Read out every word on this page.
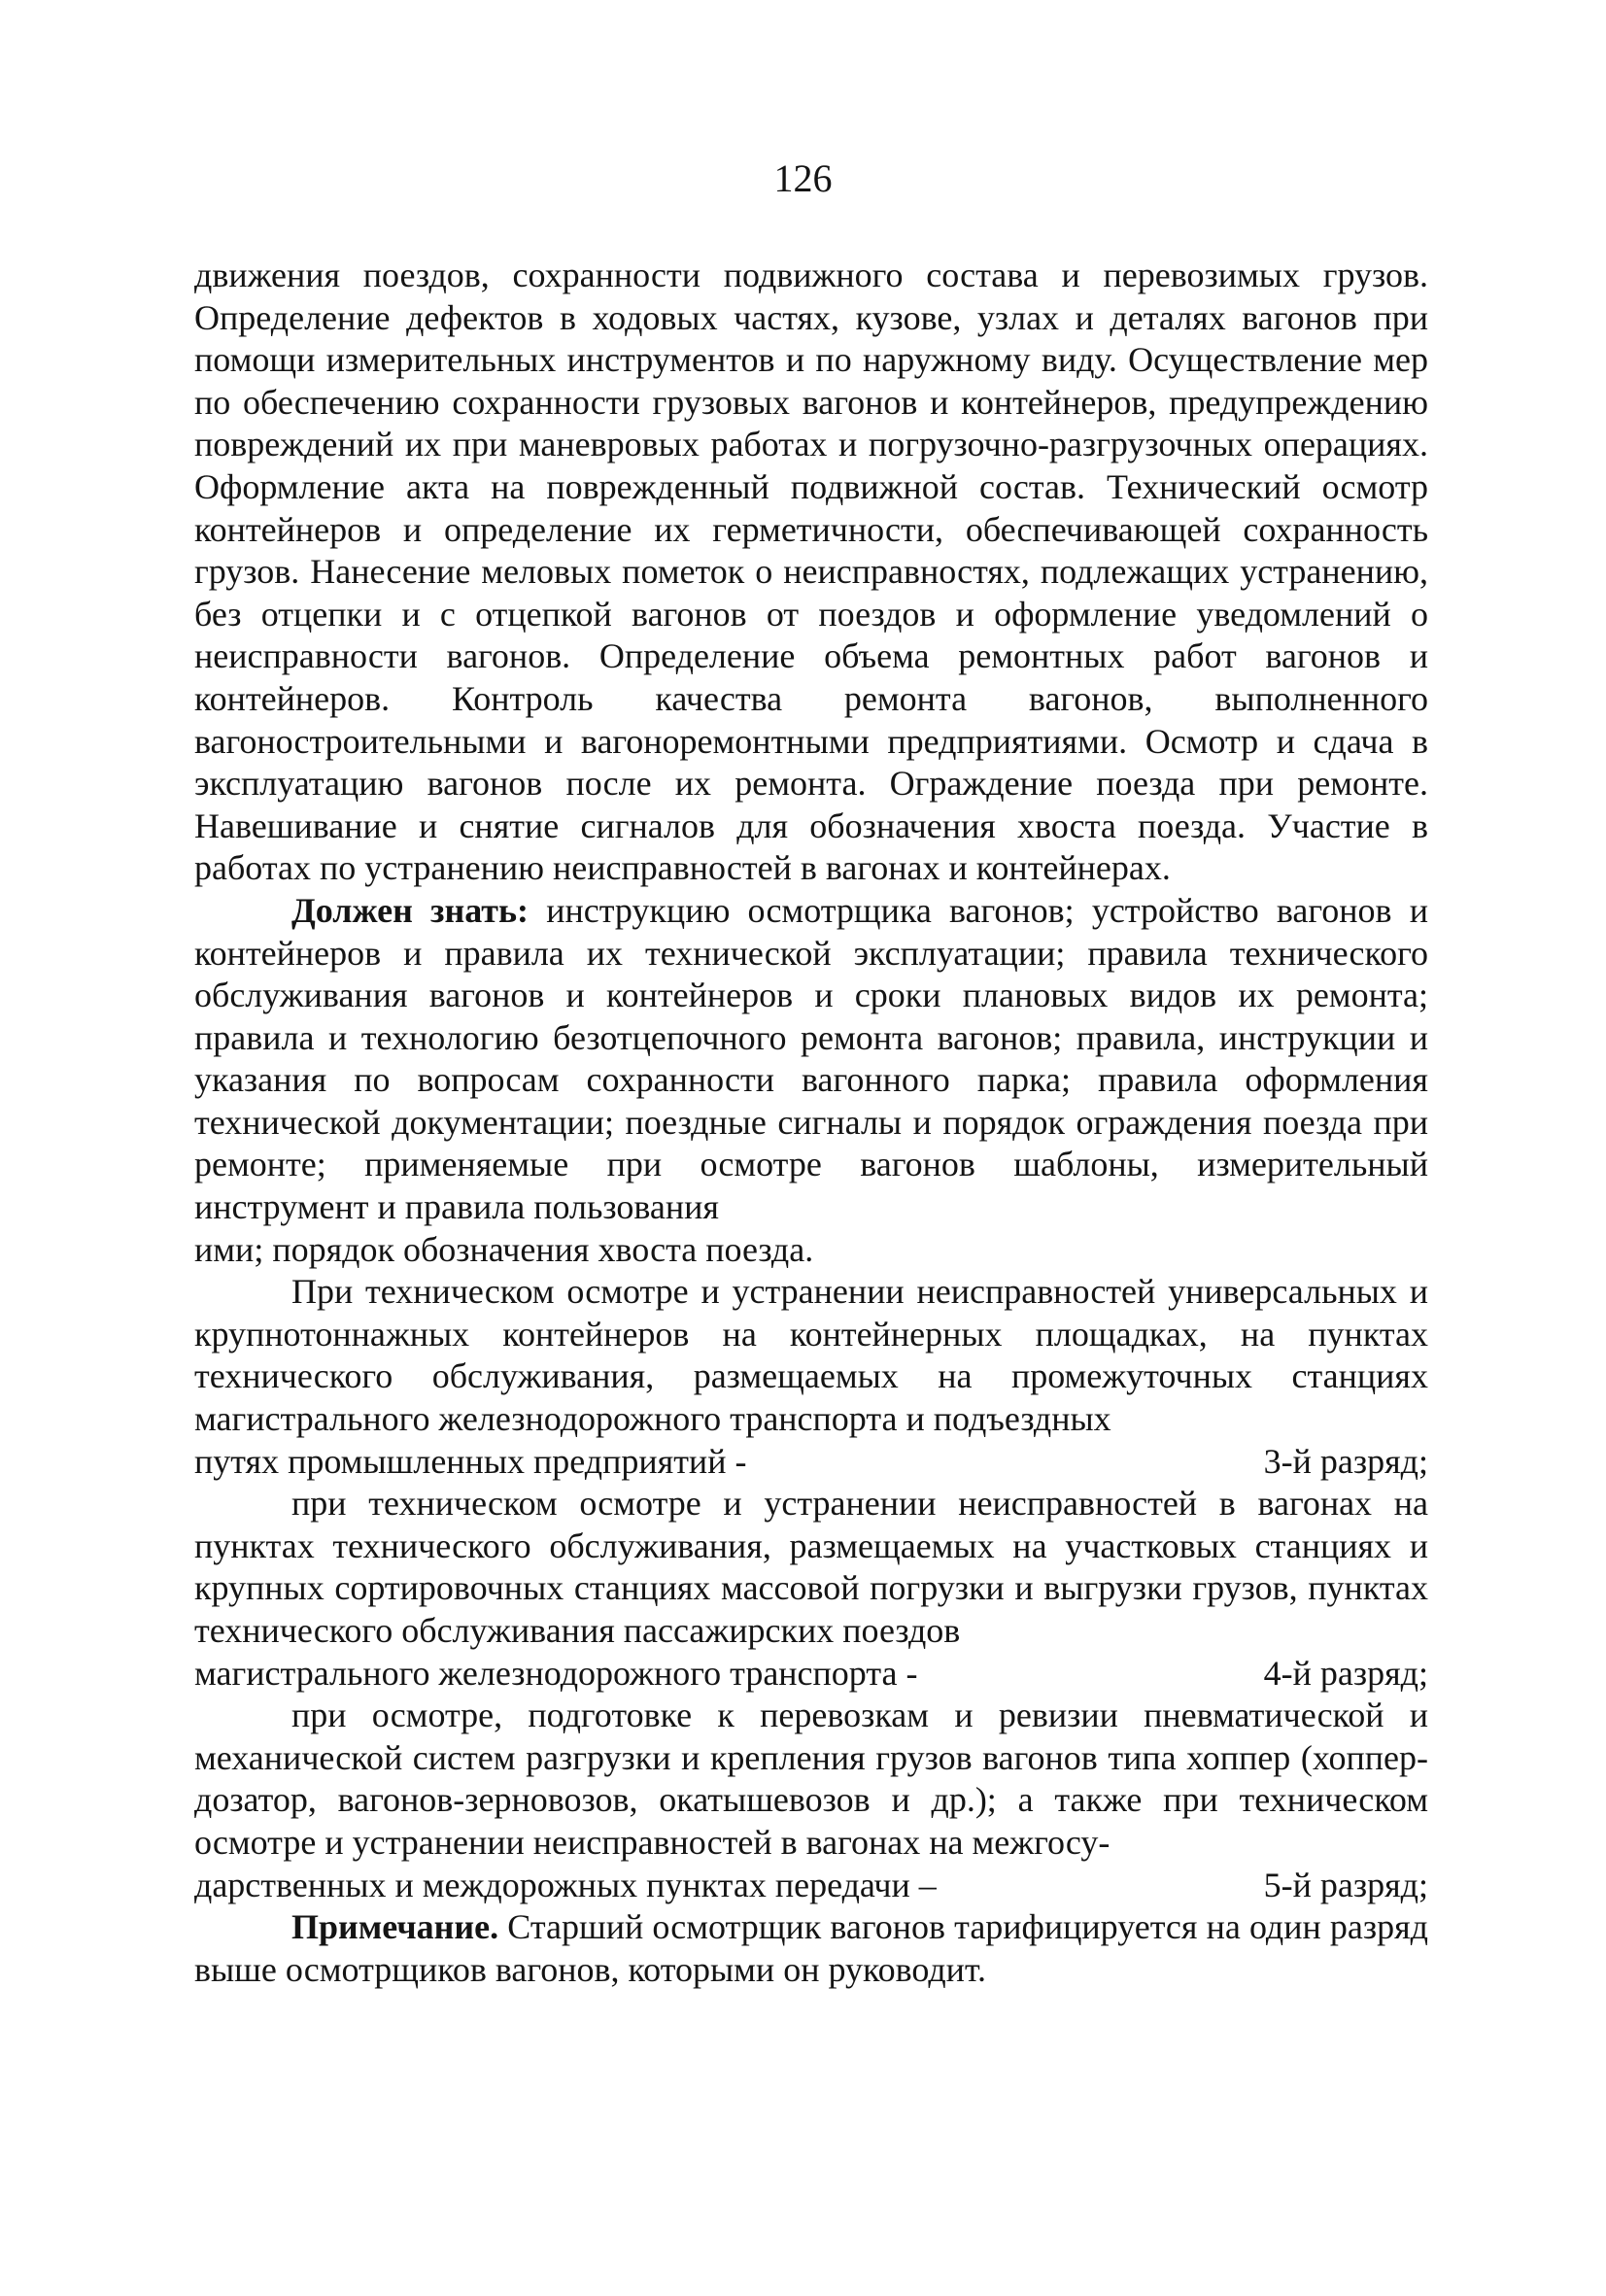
126

движения поездов, сохранности подвижного состава и перевозимых грузов. Определение дефектов в ходовых частях, кузове, узлах и деталях вагонов при помощи измерительных инструментов и по наружному виду. Осуществление мер по обеспечению сохранности грузовых вагонов и контейнеров, предупреждению повреждений их при маневровых работах и погрузочно-разгрузочных операциях. Оформление акта на поврежденный подвижной состав. Технический осмотр контейнеров и определение их герметичности, обеспечивающей сохранность грузов. Нанесение меловых пометок о неисправностях, подлежащих устранению, без отцепки и с отцепкой вагонов от поездов и оформление уведомлений о неисправности вагонов. Определение объема ремонтных работ вагонов и контейнеров. Контроль качества ремонта вагонов, выполненного вагоностроительными и вагоноремонтными предприятиями. Осмотр и сдача в эксплуатацию вагонов после их ремонта. Ограждение поезда при ремонте. Навешивание и снятие сигналов для обозначения хвоста поезда. Участие в работах по устранению неисправностей в вагонах и контейнерах.

Должен знать: инструкцию осмотрщика вагонов; устройство вагонов и контейнеров и правила их технической эксплуатации; правила технического обслуживания вагонов и контейнеров и сроки плановых видов их ремонта; правила и технологию безотцепочного ремонта вагонов; правила, инструкции и указания по вопросам сохранности вагонного парка; правила оформления технической документации; поездные сигналы и порядок ограждения поезда при ремонте; применяемые при осмотре вагонов шаблоны, измерительный инструмент и правила пользования
ими; порядок обозначения хвоста поезда.

При техническом осмотре и устранении неисправностей универсальных и крупнотоннажных контейнеров на контейнерных площадках, на пунктах технического обслуживания, размещаемых на промежуточных станциях магистрального железнодорожного транспорта и подъездных

путях промышленных предприятий -	3-й разряд;

при техническом осмотре и устранении неисправностей в вагонах на пунктах технического обслуживания, размещаемых на участковых станциях и крупных сортировочных станциях массовой погрузки и выгрузки грузов, пунктах технического обслуживания пассажирских поездов

магистрального железнодорожного транспорта -	4-й разряд;

при осмотре, подготовке к перевозкам и ревизии пневматической и механической систем разгрузки и крепления грузов вагонов типа хоппер (хоппер-дозатор, вагонов-зерновозов, окатышевозов и др.); а также при техническом осмотре и устранении неисправностей в вагонах на межгосу-

дарственных и междорожных пунктах передачи –	5-й разряд;

Примечание. Старший осмотрщик вагонов тарифицируется на один разряд выше осмотрщиков вагонов, которыми он руководит.
